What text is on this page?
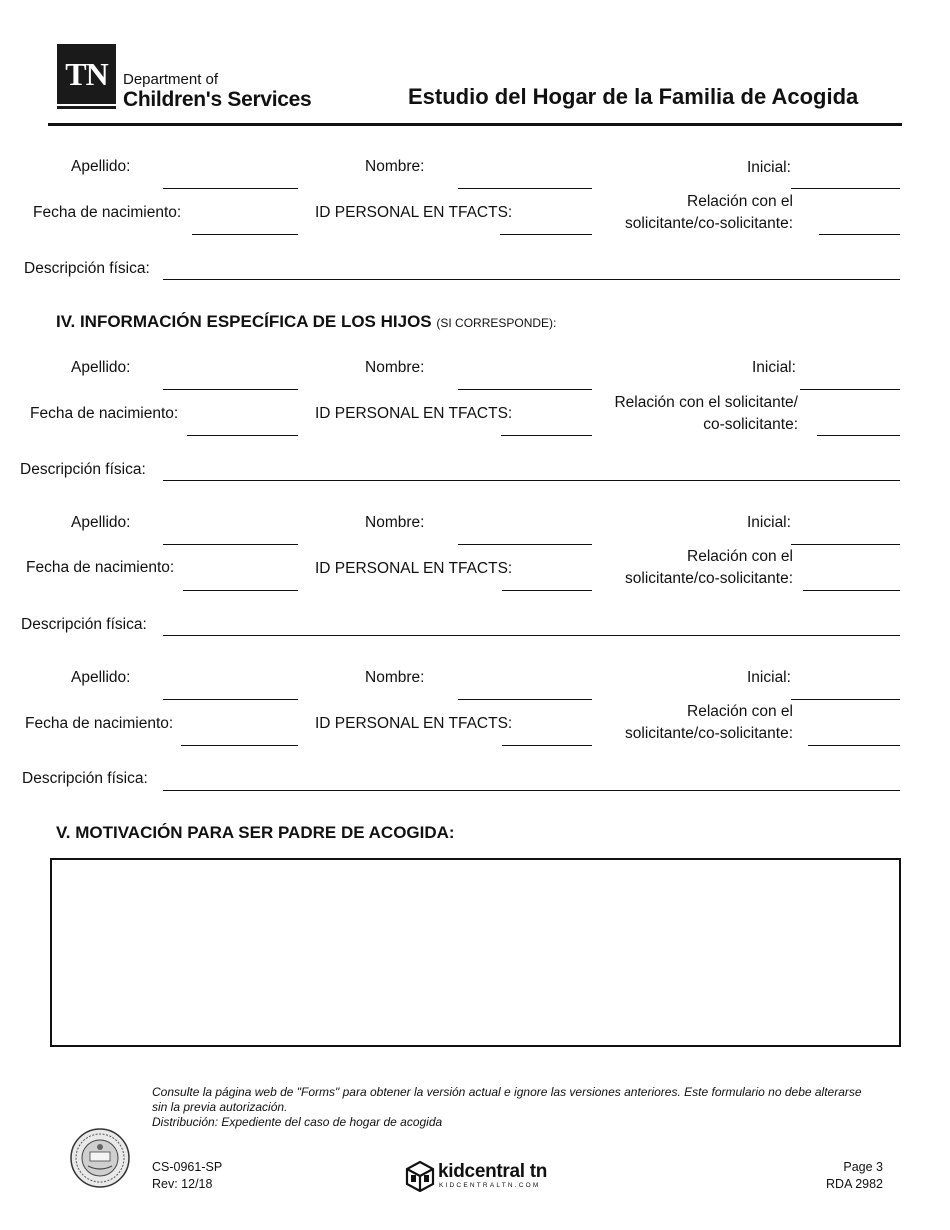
TN	Department of
Children's Services	Estudio del Hogar de la Familia de Acogida
Apellido:	Nombre:	Inicial:
Fecha de nacimiento:	ID PERSONAL EN TFACTS:
Relación con el
solicitante/co-solicitante:
Descripción física:
IV. INFORMACIÓN ESPECÍFICA DE LOS HIJOS (SI CORRESPONDE):
Apellido:	Nombre:	Inicial:
Fecha de nacimiento:	ID PERSONAL EN TFACTS:
Relación con el solicitante/
co-solicitante:
Descripción física:
Apellido:	Nombre:	Inicial:
Fecha de nacimiento:	ID PERSONAL EN TFACTS:
Relación con el
solicitante/co-solicitante:
Descripción física:
Apellido:	Nombre:	Inicial:
Fecha de nacimiento:	ID PERSONAL EN TFACTS:
Relación con el
solicitante/co-solicitante:
Descripción física:
V. MOTIVACIÓN PARA SER PADRE DE ACOGIDA:
Consulte la página web de "Forms" para obtener la versión actual e ignore las versiones anteriores. Este formulario no debe alterarse
sin la previa autorización.
Distribución: Expediente del caso de hogar de acogida
CS-0961-SP
Rev: 12/18
kidcentral tn
KIDCENTRALTN.COM
Page 3
RDA 2982
